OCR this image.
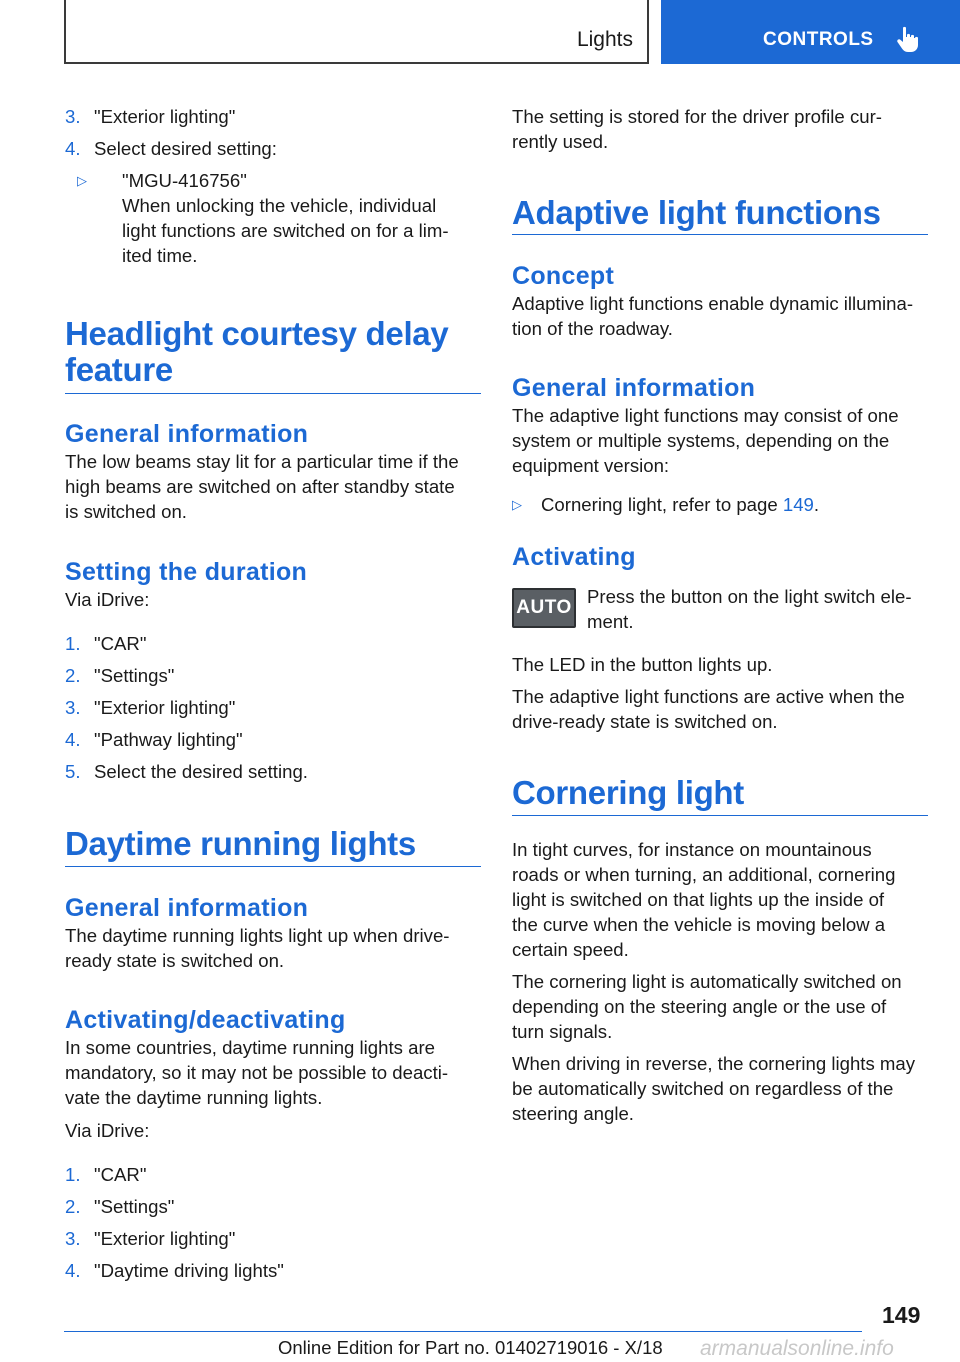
Lights	CONTROLS
3. "Exterior lighting"
4. Select desired setting:
▷	"MGU-416756"

When unlocking the vehicle, individual

light functions are switched on for a lim-

ited time.

Headlight courtesy delay
feature
General information

The low beams stay lit for a particular time if the

high beams are switched on after standby state

is switched on.

Setting the duration

Via iDrive:

1. "CAR"
2. "Settings"
3. "Exterior lighting"
4. "Pathway lighting"
5. Select the desired setting.
Daytime running lights
General information

The daytime running lights light up when drive-

ready state is switched on.

Activating/deactivating

In some countries, daytime running lights are

mandatory, so it may not be possible to deacti-

vate the daytime running lights.

Via iDrive:

1. "CAR"
2. "Settings"
3. "Exterior lighting"
4. "Daytime driving lights"

The setting is stored for the driver profile cur-

rently used.

Adaptive light functions
Concept

Adaptive light functions enable dynamic illumina-

tion of the roadway.

General information

The adaptive light functions may consist of one

system or multiple systems, depending on the

equipment version:

▷	Cornering light, refer to page 149.

Activating
AUTO

Press the button on the light switch ele-

ment.

The LED in the button lights up.

The adaptive light functions are active when the

drive-ready state is switched on.

Cornering light

In tight curves, for instance on mountainous

roads or when turning, an additional, cornering

light is switched on that lights up the inside of

the curve when the vehicle is moving below a

certain speed.

The cornering light is automatically switched on

depending on the steering angle or the use of

turn signals.

When driving in reverse, the cornering lights may

be automatically switched on regardless of the

steering angle.

149
Online Edition for Part no. 01402719016 - X/18 armanualsonline.info
